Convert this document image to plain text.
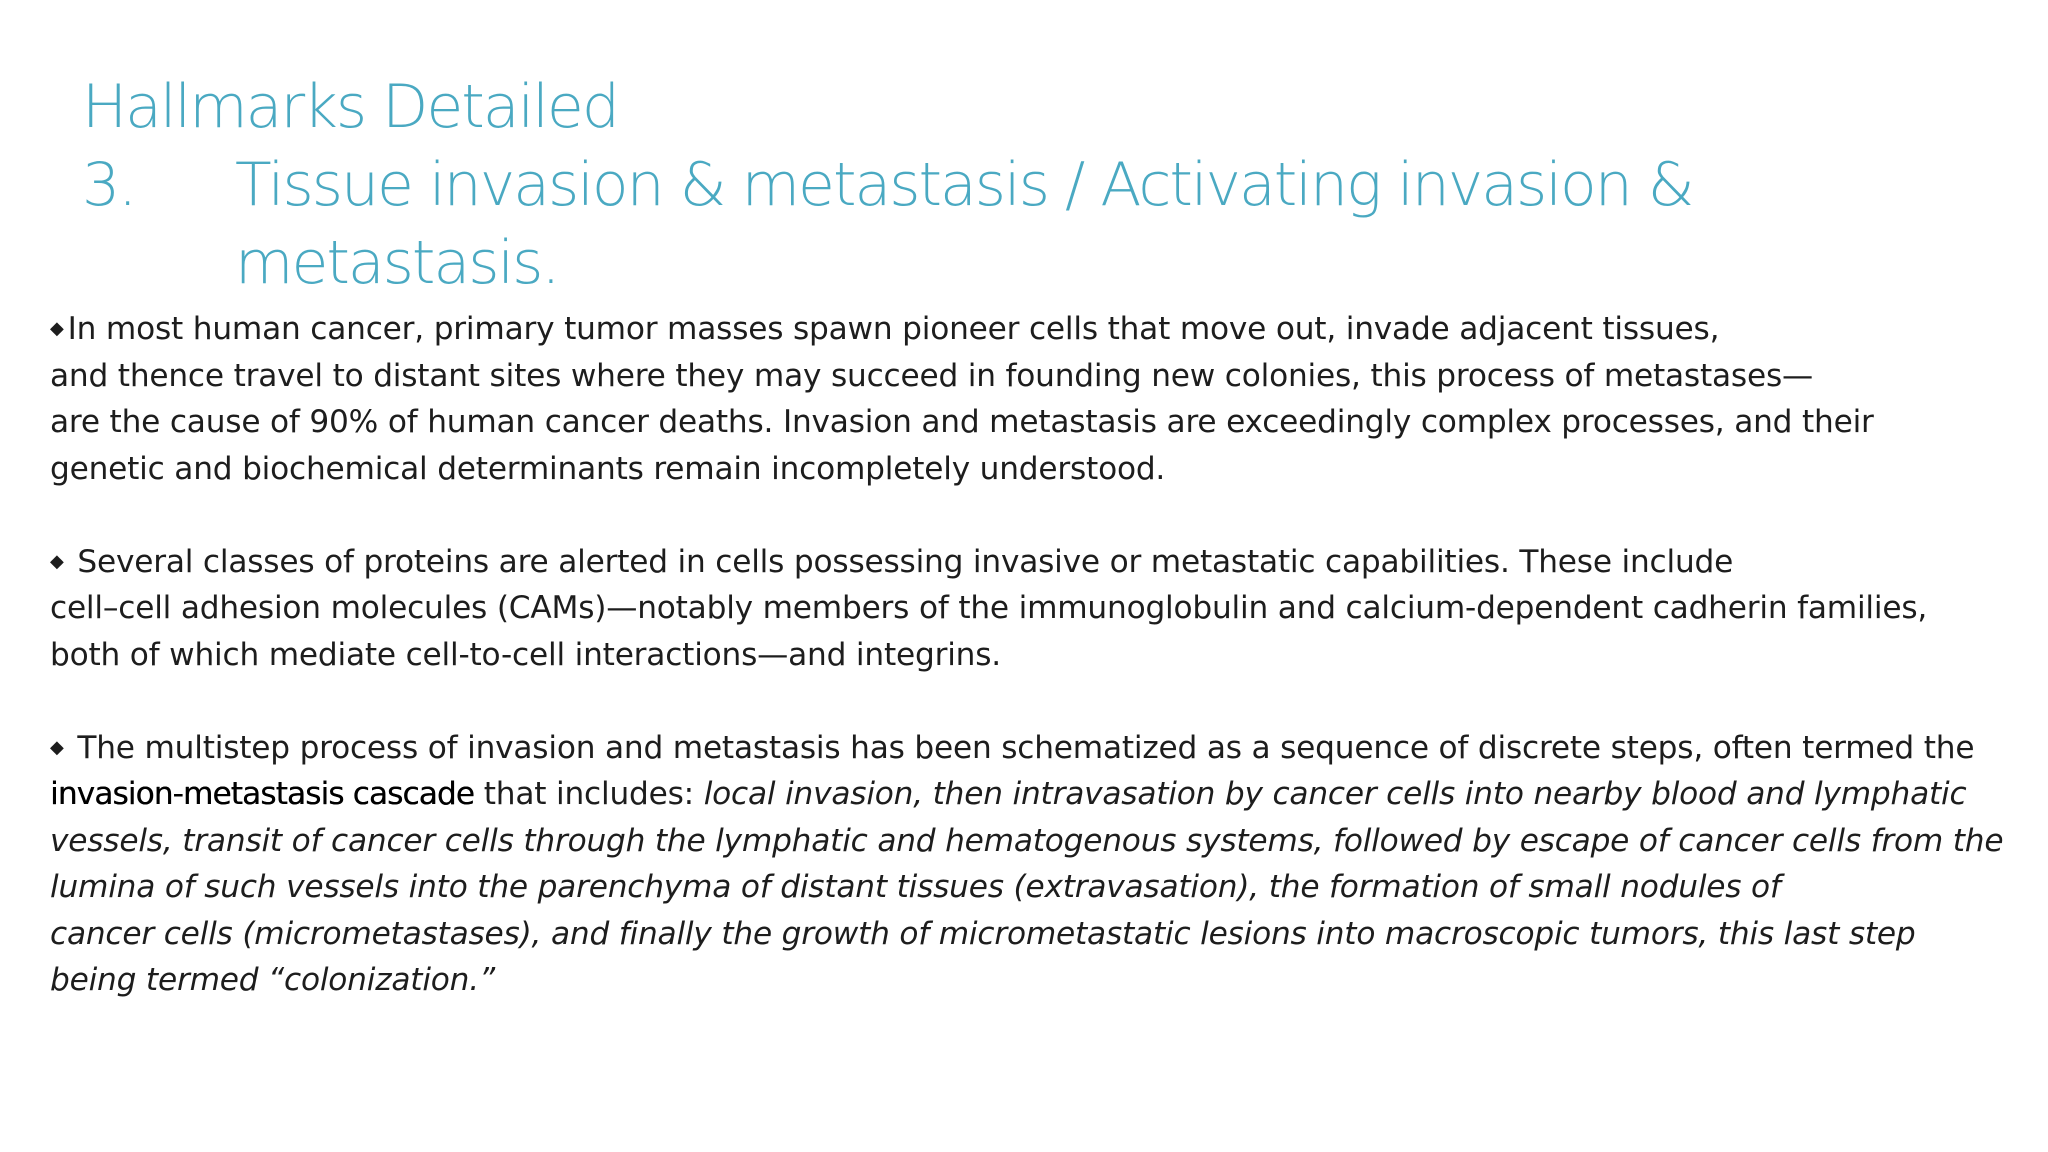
Hallmarks Detailed
3.	Tissue invasion & metastasis / Activating invasion & metastasis.
◆ In most human cancer, primary tumor masses spawn pioneer cells that move out, invade adjacent tissues,
and thence travel to distant sites where they may succeed in founding new colonies, this process of metastases—
are the cause of 90% of human cancer deaths. Invasion and metastasis are exceedingly complex processes, and their
genetic and biochemical determinants remain incompletely understood.
◆ Several classes of proteins are alerted in cells possessing invasive or metastatic capabilities. These include
cell–cell adhesion molecules (CAMs)—notably members of the immunoglobulin and calcium-dependent cadherin families,
both of which mediate cell-to-cell interactions—and integrins.
◆ The multistep process of invasion and metastasis has been schematized as a sequence of discrete steps, often termed the
invasion-metastasis cascade that includes: local invasion, then intravasation by cancer cells into nearby blood and lymphatic
vessels, transit of cancer cells through the lymphatic and hematogenous systems, followed by escape of cancer cells from the
lumina of such vessels into the parenchyma of distant tissues (extravasation), the formation of small nodules of
cancer cells (micrometastases), and finally the growth of micrometastatic lesions into macroscopic tumors, this last step
being termed “colonization.”
